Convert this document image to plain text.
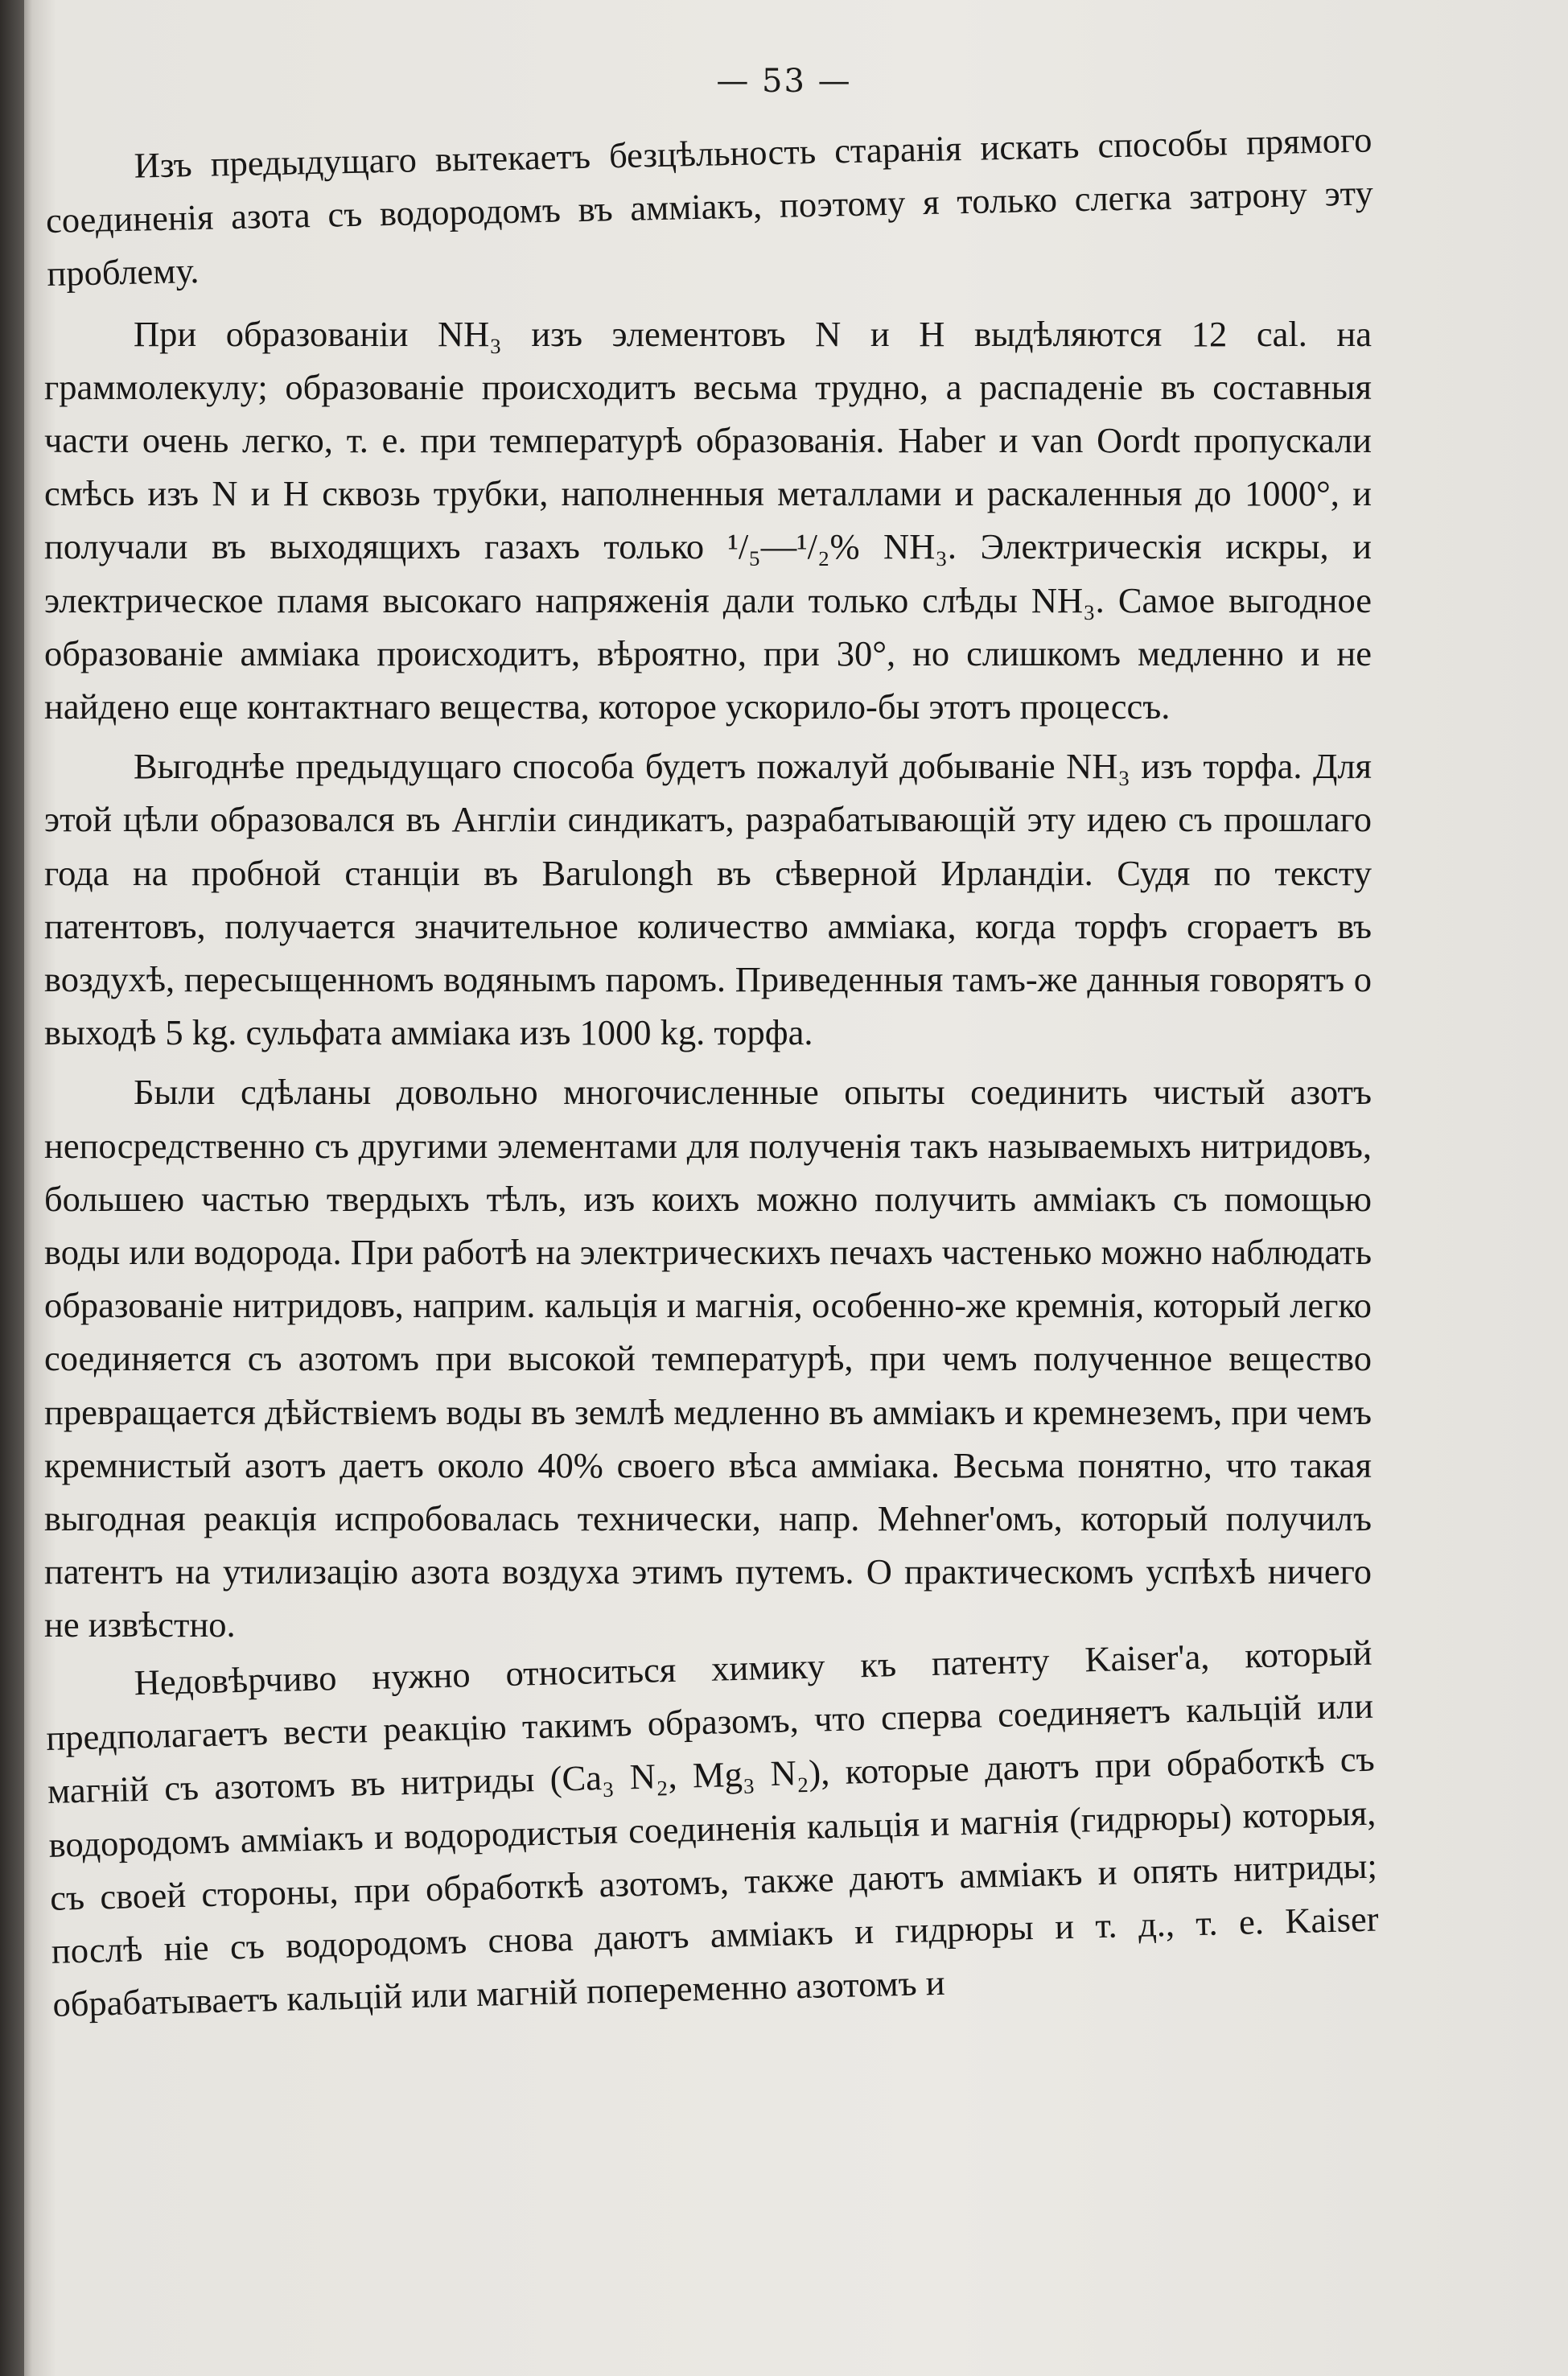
— 53 —

Изъ предыдущаго вытекаетъ безцѣльность старанія искать способы прямого соединенія азота съ водородомъ въ амміакъ, поэтому я только слегка затрону эту проблему.

При образованіи NH₃ изъ элементовъ N и H выдѣляются 12 cal. на граммолекулу; образованіе происходитъ весьма трудно, а распаденіе въ составныя части очень легко, т. е. при температурѣ образованія. Haber и van Oordt пропускали смѣсь изъ N и H сквозь трубки, наполненныя металлами и раскаленныя до 1000°, и получали въ выходящихъ газахъ только ¹/₅—¹/₂% NH₃. Электрическія искры, и электрическое пламя высокаго напряженія дали только слѣды NH₃. Самое выгодное образованіе амміака происходитъ, вѣроятно, при 30°, но слишкомъ медленно и не найдено еще контактнаго вещества, которое ускорило-бы этотъ процессъ.

Выгоднѣе предыдущаго способа будетъ пожалуй добываніе NH₃ изъ торфа. Для этой цѣли образовался въ Англіи синдикатъ, разрабатывающій эту идею съ прошлаго года на пробной станціи въ Barulongh въ сѣверной Ирландіи. Судя по тексту патентовъ, получается значительное количество амміака, когда торфъ сгораетъ въ воздухѣ, пересыщенномъ водянымъ паромъ. Приведенныя тамъ-же данныя говорятъ о выходѣ 5 kg. сульфата амміака изъ 1000 kg. торфа.

Были сдѣланы довольно многочисленные опыты соединить чистый азотъ непосредственно съ другими элементами для полученія такъ называемыхъ нитридовъ, большею частью твердыхъ тѣлъ, изъ коихъ можно получить амміакъ съ помощью воды или водорода. При работѣ на электрическихъ печахъ частенько можно наблюдать образованіе нитридовъ, наприм. кальція и магнія, особенно-же кремнія, который легко соединяется съ азотомъ при высокой температурѣ, при чемъ полученное вещество превращается дѣйствіемъ воды въ землѣ медленно въ амміакъ и кремнеземъ, при чемъ кремнистый азотъ даетъ около 40% своего вѣса амміака. Весьма понятно, что такая выгодная реакція испробовалась технически, напр. Mehner'омъ, который получилъ патентъ на утилизацію азота воздуха этимъ путемъ. О практическомъ успѣхѣ ничего не извѣстно.

Недовѣрчиво нужно относиться химику къ патенту Kaiser'а, который предполагаетъ вести реакцію такимъ образомъ, что сперва соединяетъ кальцій или магній съ азотомъ въ нитриды (Ca₃ N₂, Mg₃ N₂), которые даютъ при обработкѣ съ водородомъ амміакъ и водородистыя соединенія кальція и магнія (гидрюры) которыя, съ своей стороны, при обработкѣ азотомъ, также даютъ амміакъ и опять нитриды; послѣ ніе съ водородомъ снова даютъ амміакъ и гидрюры и т. д., т. е. Kaiser обрабатываетъ кальцій или магній попеременно азотомъ и
